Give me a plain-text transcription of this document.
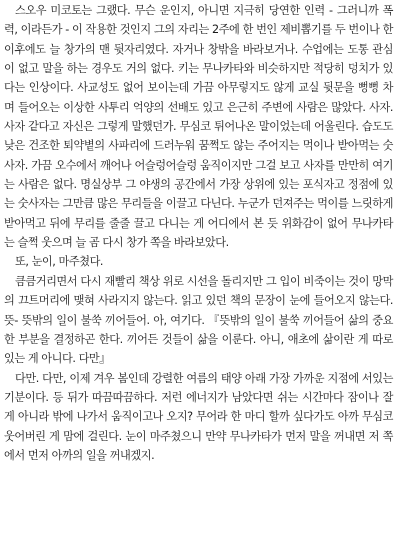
스오우 미코토는 그랬다. 무슨 운인지, 아니면 지극히 당연한 인력 - 그러니까 폭력, 이라든가 - 이 작용한 것인지 그의 자리는 2주에 한 번인 제비뽑기를 두 번이나 한 이후에도 늘 창가의 맨 뒷자리였다. 자거나 창밖을 바라보거나. 수업에는 도통 관심이 없고 말을 하는 경우도 거의 없다. 키는 무나카타와 비슷하지만 적당히 덩치가 있다는 인상이다. 사교성도 없어 보이는데 가끔 아무렇지도 않게 교실 뒷문을 뻥뻥 차며 들어오는 이상한 사투리 억양의 선배도 있고 은근히 주변에 사람은 많았다. 사자. 사자 같다고 자신은 그렇게 말했던가. 무심코 튀어나온 말이었는데 어울린다. 습도도 낮은 건조한 퇴약볕의 사파리에 드러누워 꿈쩍도 않는 주어지는 먹이나 받아먹는 숫사자. 가끔 오수에서 깨어나 어슬렁어슬렁 움직이지만 그걸 보고 사자를 만만히 여기는 사람은 없다. 명실상부 그 야생의 공간에서 가장 상위에 있는 포식자고 정점에 있는 숫사자는 그만큼 많은 무리들을 이끌고 다닌다. 누군가 던져주는 먹이를 느릿하게 받아먹고 뒤에 무리를 줄줄 끌고 다니는 게 어디에서 본 듯 위화감이 없어 무나카타는 슬쩍 웃으며 늘 곰 다시 창가 쪽을 바라보았다.

또, 눈이, 마주쳤다.

큼큼거리면서 다시 재빨리 책상 위로 시선을 돌리지만 그 입이 비죽이는 것이 망막의 끄트머리에 맺혀 사라지지 않는다. 읽고 있던 책의 문장이 눈에 들어오지 않는다. 뜻- 뜻밖의 일이 불쑥 끼어들어. 아, 여기다. 『뜻밖의 일이 불쑥 끼어들어 삶의 중요한 부분을 결정하곤 한다. 끼어든 것들이 삶을 이룬다. 아니, 애초에 삶이란 게 따로 있는 게 아니다. 다만』

다만. 다만, 이제 겨우 봄인데 강렬한 여름의 태양 아래 가장 가까운 지점에 서있는 기분이다. 등 뒤가 따끔따끔하다. 저런 에너지가 남았다면 쉬는 시간마다 잠이나 잘 게 아니라 밖에 나가서 움직이고나 오지? 무어라 한 마디 할까 싶다가도 아까 무심코 웃어버린 게 맘에 걸린다. 눈이 마주쳤으니 만약 무나카타가 먼저 말을 꺼내면 저 쪽에서 먼저 아까의 일을 꺼내겠지.
